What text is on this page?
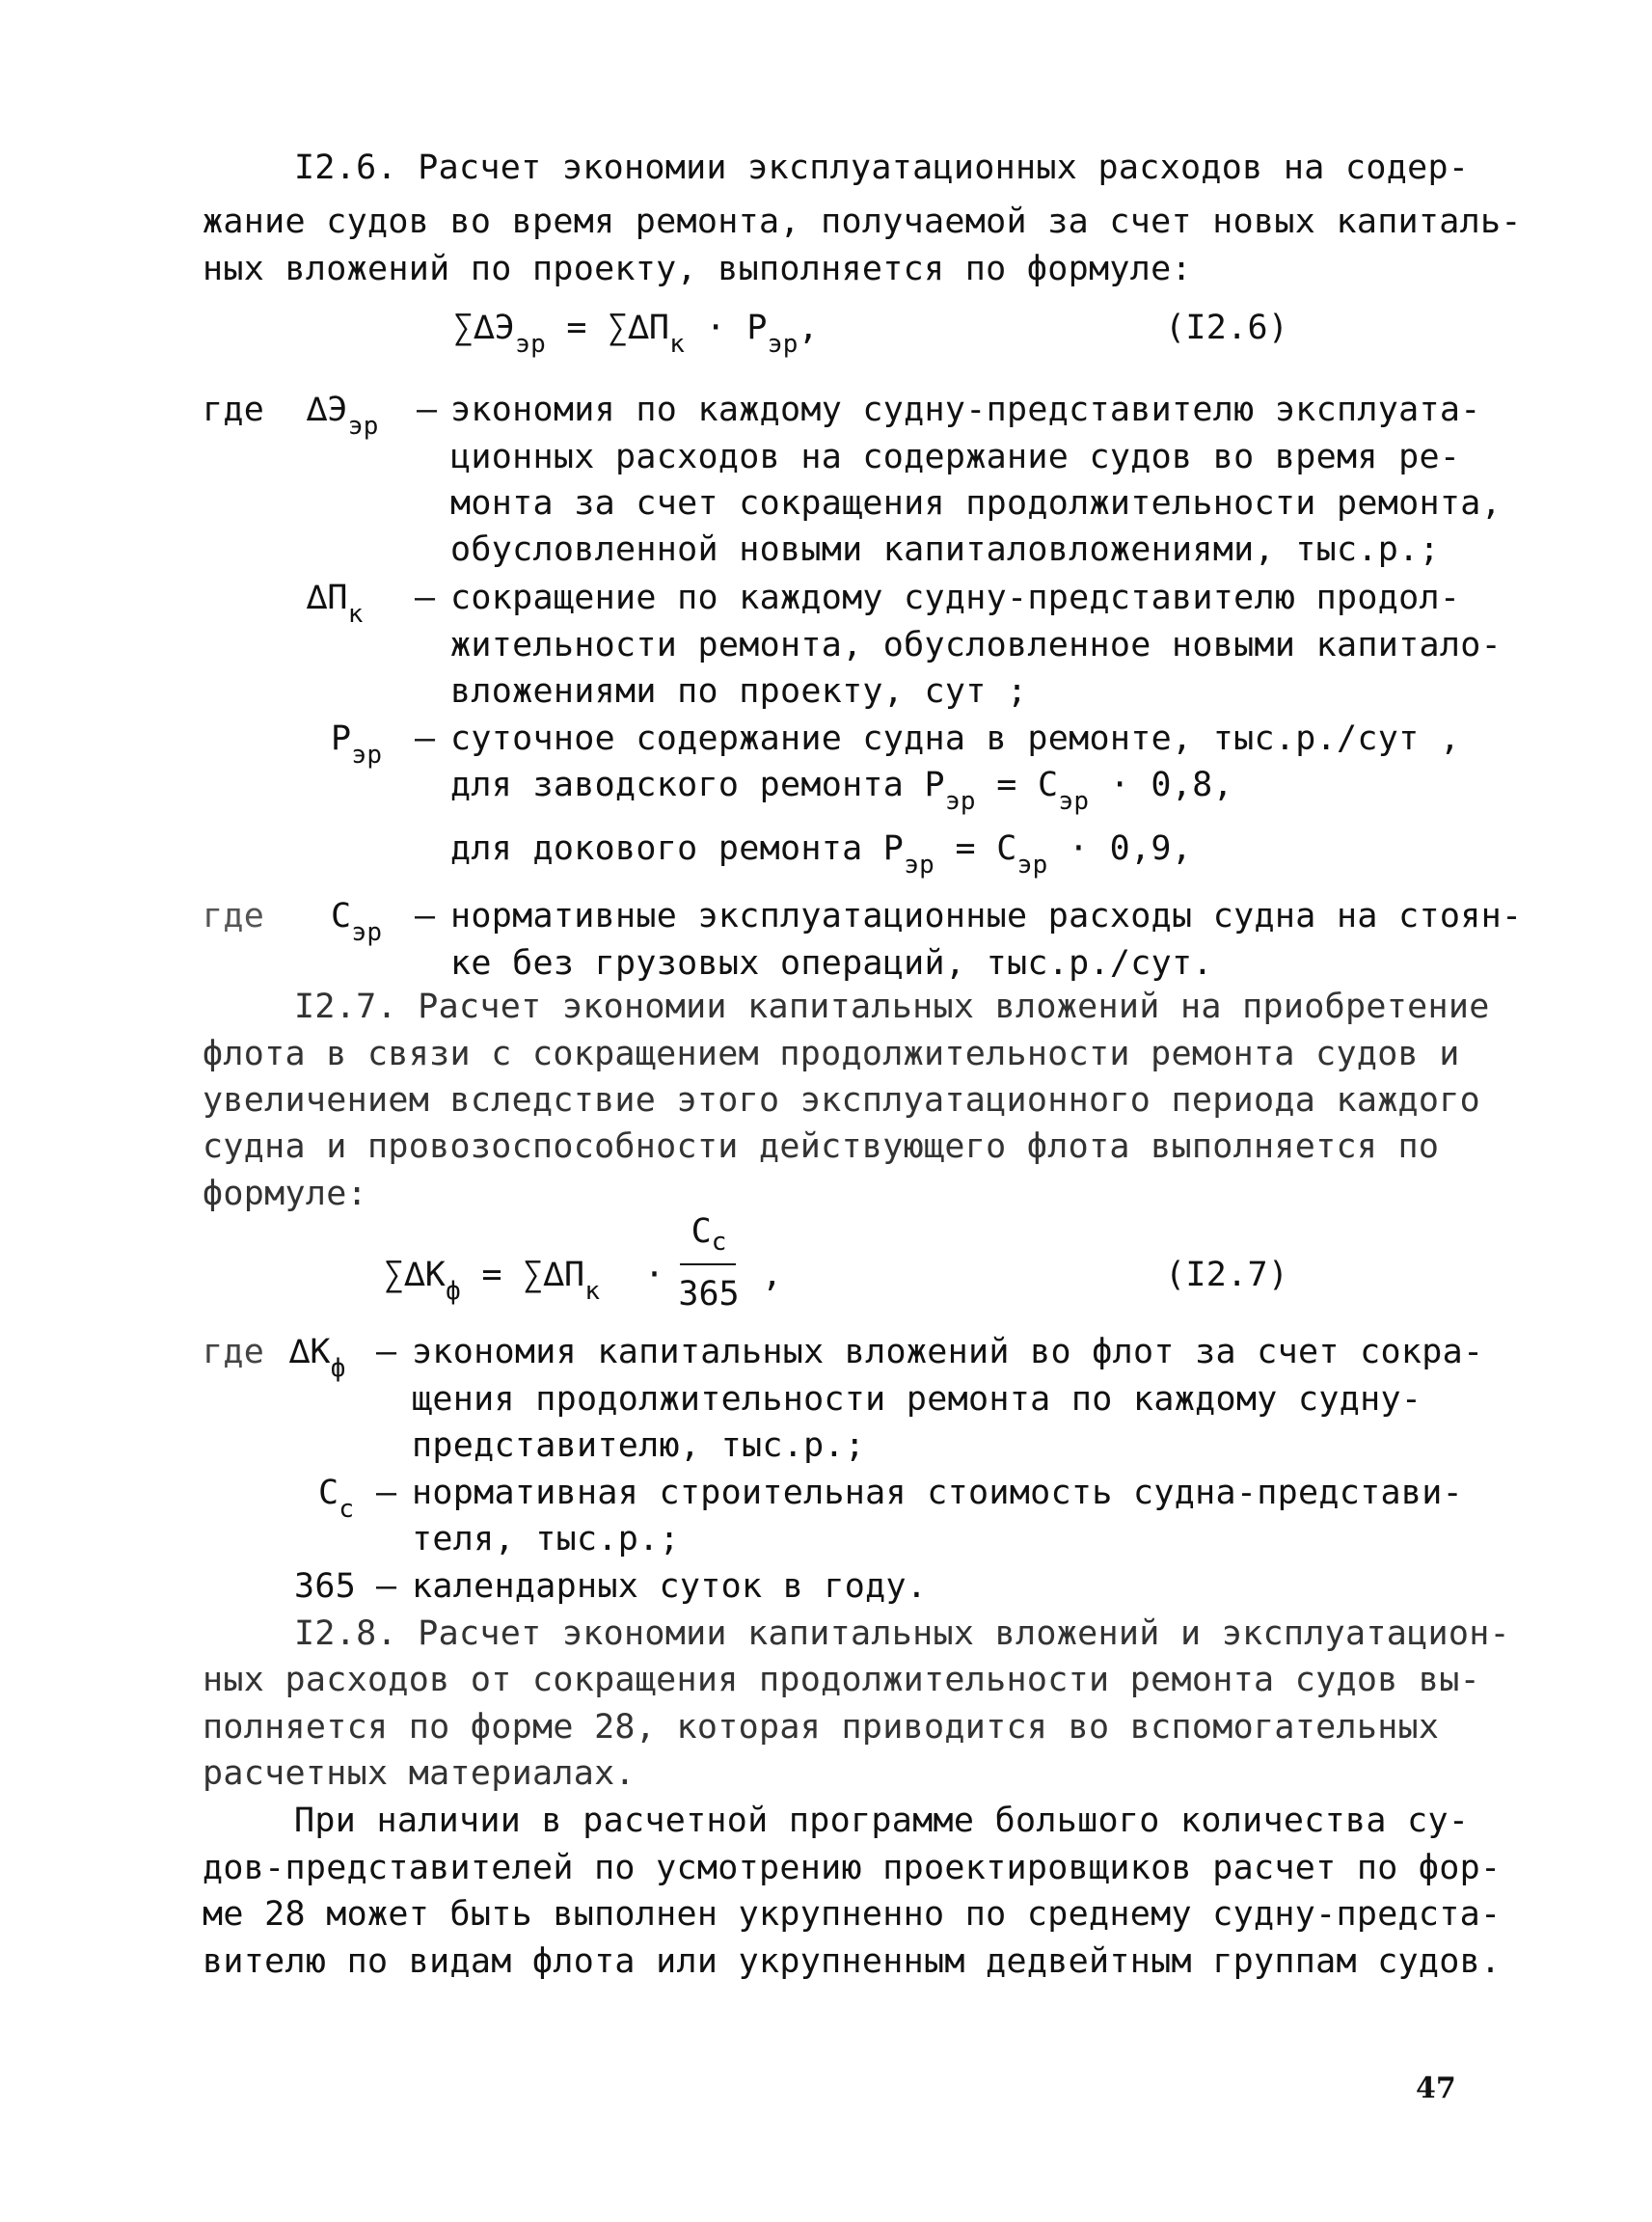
I2.6. Расчет экономии эксплуатационных расходов на содер-
жание судов во время ремонта, получаемой за счет новых капиталь-
ных вложений по проекту, выполняется по формуле:
$\sum\Delta Э_{эр} = \sum\Delta П_к \cdot Р_{эр}$,	(I2.6)
где $\Delta Э_{эр}$ – экономия по каждому судну-представителю эксплуата-
ционных расходов на содержание судов во время ре-
монта за счет сокращения продолжительности ремонта,
обусловленной новыми капиталовложениями, тыс.р.;
$\Delta П_к$ – сокращение по каждому судну-представителю продол-
жительности ремонта, обусловленное новыми капитало-
вложениями по проекту, сут ;
$Р_{эр}$ – суточное содержание судна в ремонте, тыс.р./сут ,
для заводского ремонта $Р_{эр} = С_{эр} \cdot 0,8$,
для докового ремонта $Р_{эр} = С_{эр} \cdot 0,9$,
где $С_{эр}$ – нормативные эксплуатационные расходы судна на стоян-
ке без грузовых операций, тыс.р./сут.
I2.7. Расчет экономии капитальных вложений на приобретение
флота в связи с сокращением продолжительности ремонта судов и
увеличением вследствие этого эксплуатационного периода каждого
судна и провозоспособности действующего флота выполняется по
формуле:
$\sum\Delta К_ф = \sum\Delta П_к$ ·
$С_с$
365 ,	(I2.7)
где $\Delta К_ф$ – экономия капитальных вложений во флот за счет сокра-
щения продолжительности ремонта по каждому судну-
представителю, тыс.р.;
$С_с$ – нормативная строительная стоимость судна-представи-
теля, тыс.р.;
365 – календарных суток в году.
I2.8. Расчет экономии капитальных вложений и эксплуатацион-
ных расходов от сокращения продолжительности ремонта судов вы-
полняется по форме 28, которая приводится во вспомогательных
расчетных материалах.
При наличии в расчетной программе большого количества су-
дов-представителей по усмотрению проектировщиков расчет по фор-
ме 28 может быть выполнен укрупненно по среднему судну-предста-
вителю по видам флота или укрупненным дедвейтным группам судов.
47
